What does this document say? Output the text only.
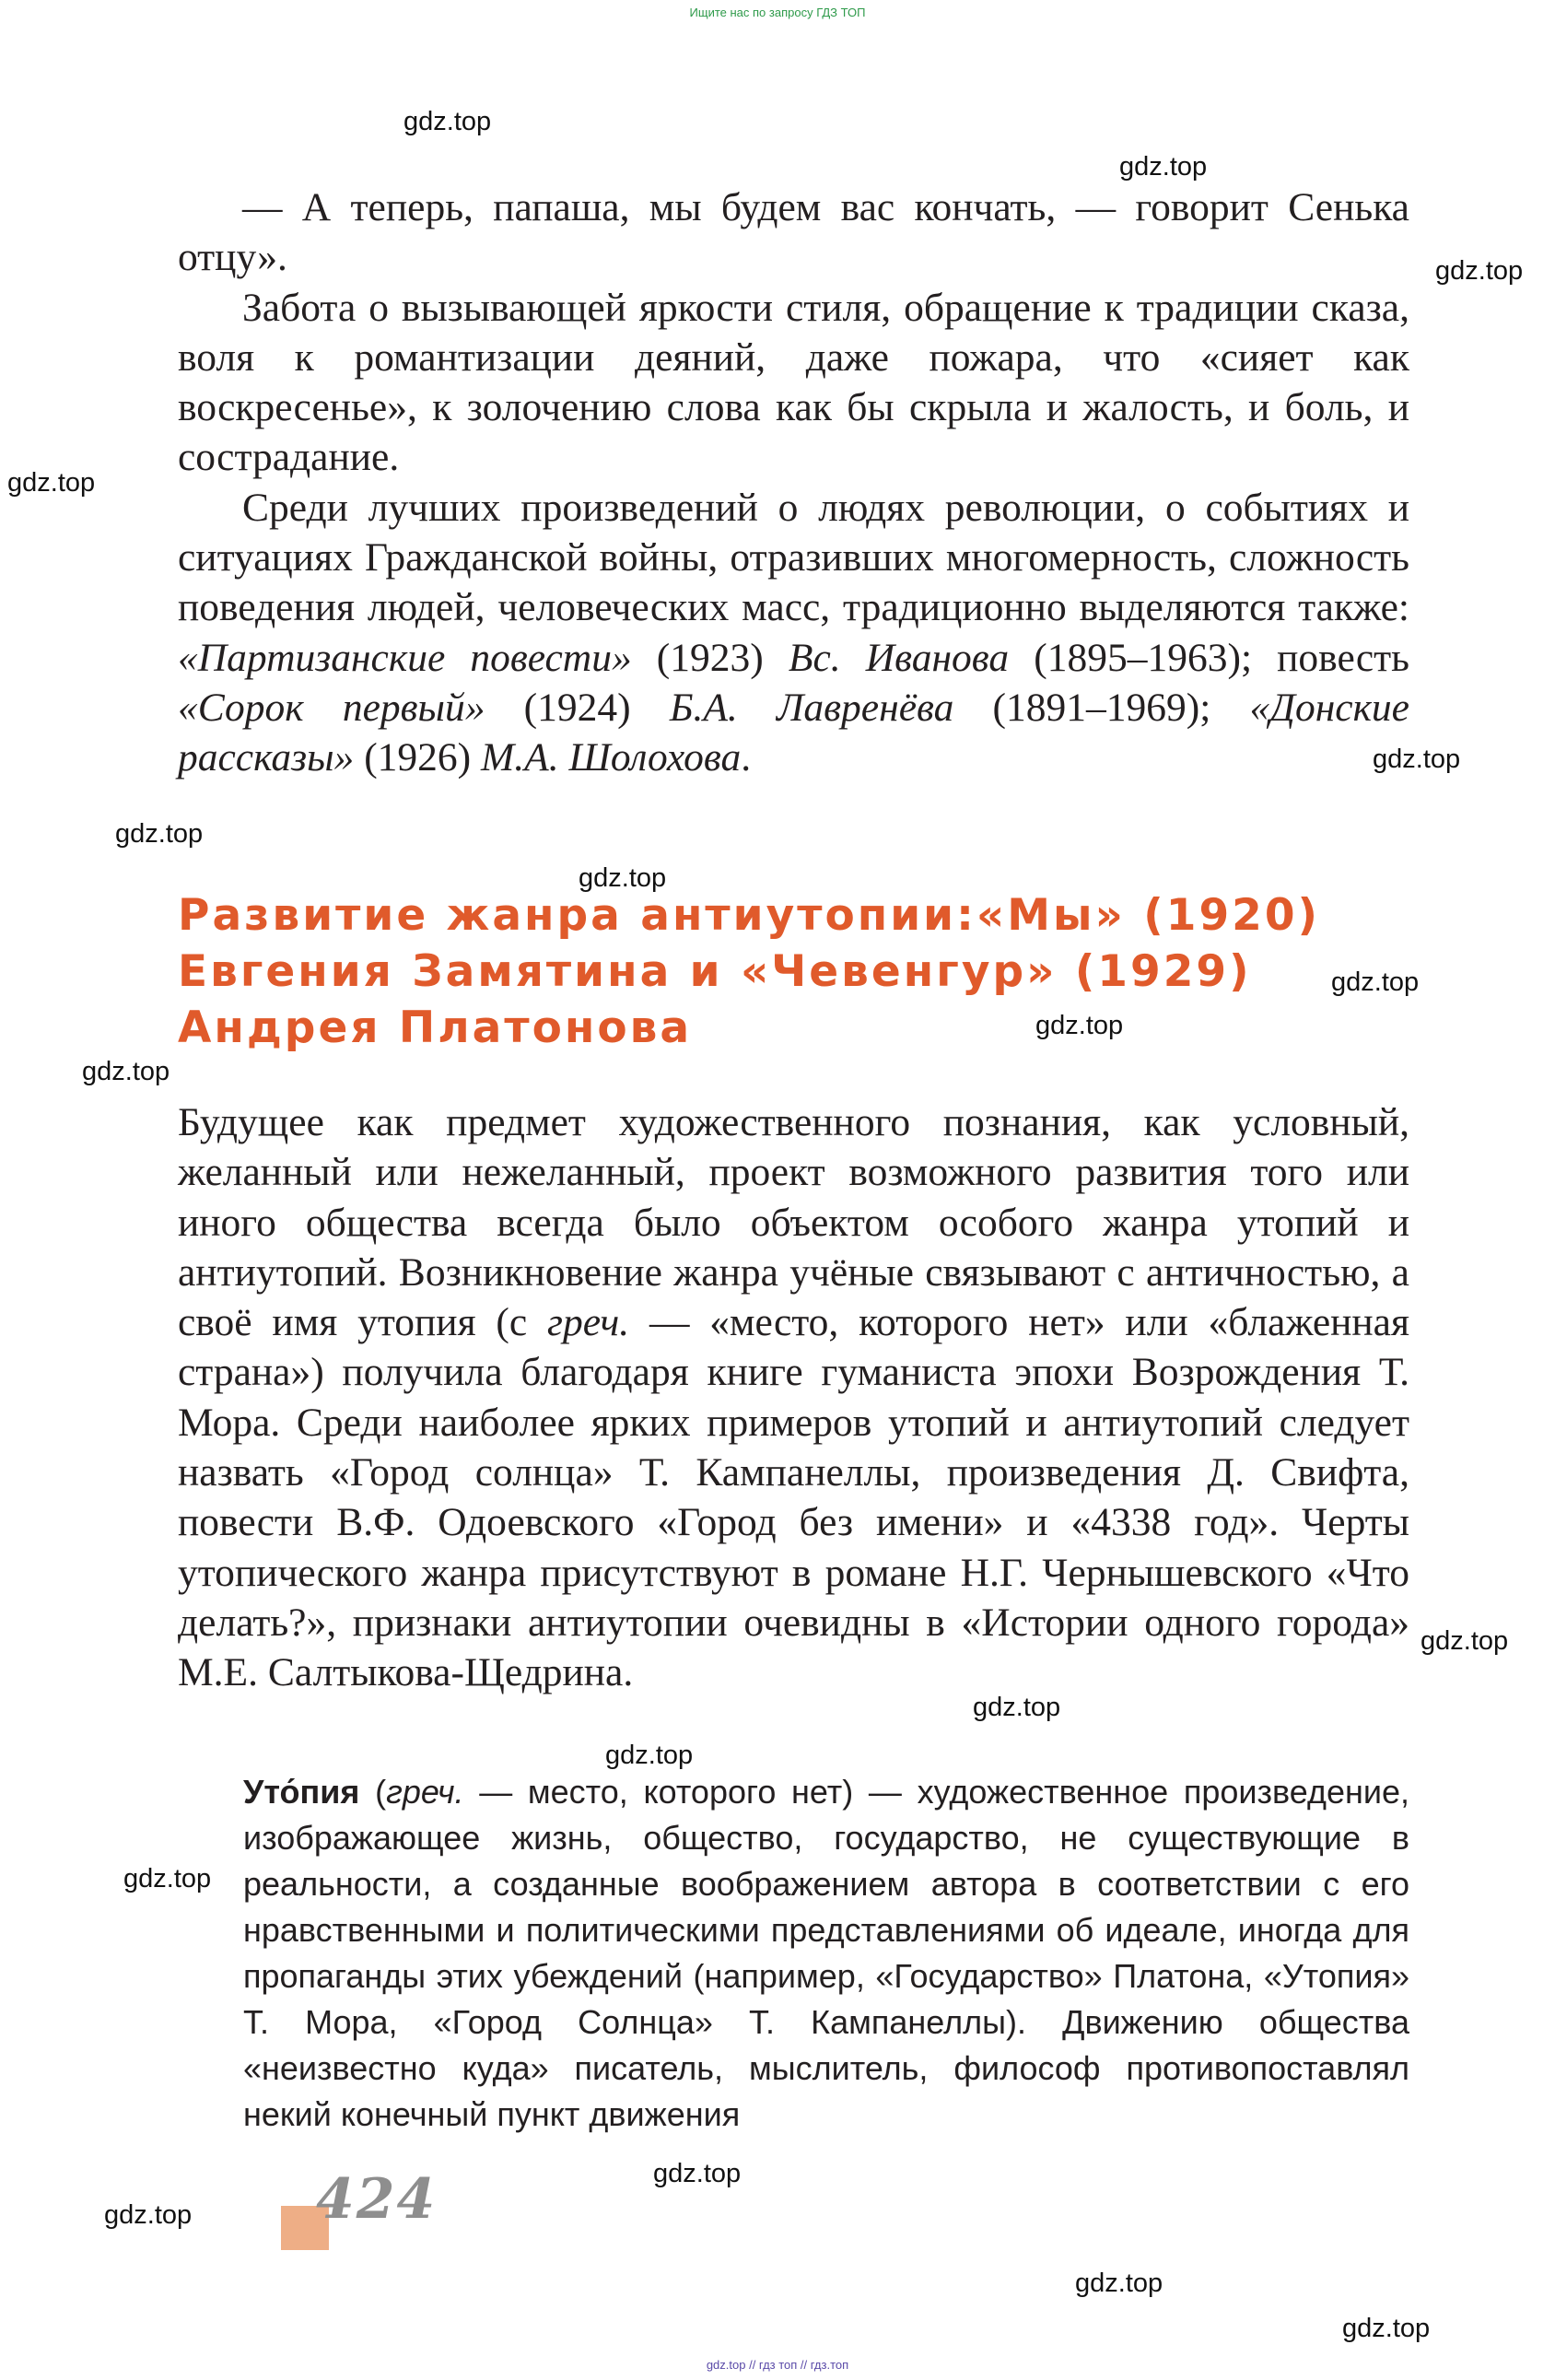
Ищите нас по запросу ГДЗ ТОП
gdz.top
gdz.top
gdz.top
gdz.top
gdz.top
gdz.top
gdz.top
gdz.top
gdz.top
gdz.top
gdz.top
gdz.top
gdz.top
gdz.top
gdz.top
gdz.top
gdz.top
gdz.top

— А теперь, папаша, мы будем вас кончать, — говорит Сенька отцу».

Забота о вызывающей яркости стиля, обращение к традиции сказа, воля к романтизации деяний, даже пожара, что «сияет как воскресенье», к золочению слова как бы скрыла и жалость, и боль, и сострадание.

Среди лучших произведений о людях революции, о событиях и ситуациях Гражданской войны, отразивших многомерность, сложность поведения людей, человеческих масс, традиционно выделяются также: «Партизанские повести» (1923) Вс. Иванова (1895–1963); повесть «Сорок первый» (1924) Б.А. Лавренёва (1891–1969); «Донские рассказы» (1926) М.А. Шолохова.

Развитие жанра антиутопии:«Мы» (1920)
Евгения Замятина и «Чевенгур» (1929)
Андрея Платонова

Будущее как предмет художественного познания, как условный, желанный или нежеланный, проект возможного развития того или иного общества всегда было объектом особого жанра утопий и антиутопий. Возникновение жанра учёные связывают с античностью, а своё имя утопия (с греч. — «место, которого нет» или «блаженная страна») получила благодаря книге гуманиста эпохи Возрождения Т. Мора. Среди наиболее ярких примеров утопий и антиутопий следует назвать «Город солнца» Т. Кампанеллы, произведения Д. Свифта, повести В.Ф. Одоевского «Город без имени» и «4338 год». Черты утопического жанра присутствуют в романе Н.Г. Чернышевского «Что делать?», признаки антиутопии очевидны в «Истории одного города» М.Е. Салтыкова-Щедрина.

Уто́пия (греч. — место, которого нет) — художественное произведение, изображающее жизнь, общество, государство, не существующие в реальности, а созданные воображением автора в соответствии с его нравственными и политическими представлениями об идеале, иногда для пропаганды этих убеждений (например, «Государство» Платона, «Утопия» Т. Мора, «Город Солнца» Т. Кампанеллы). Движению общества «неизвестно куда» писатель, мыслитель, философ противопоставлял некий конечный пункт движения

424
gdz.top // гдз топ // гдз.топ
